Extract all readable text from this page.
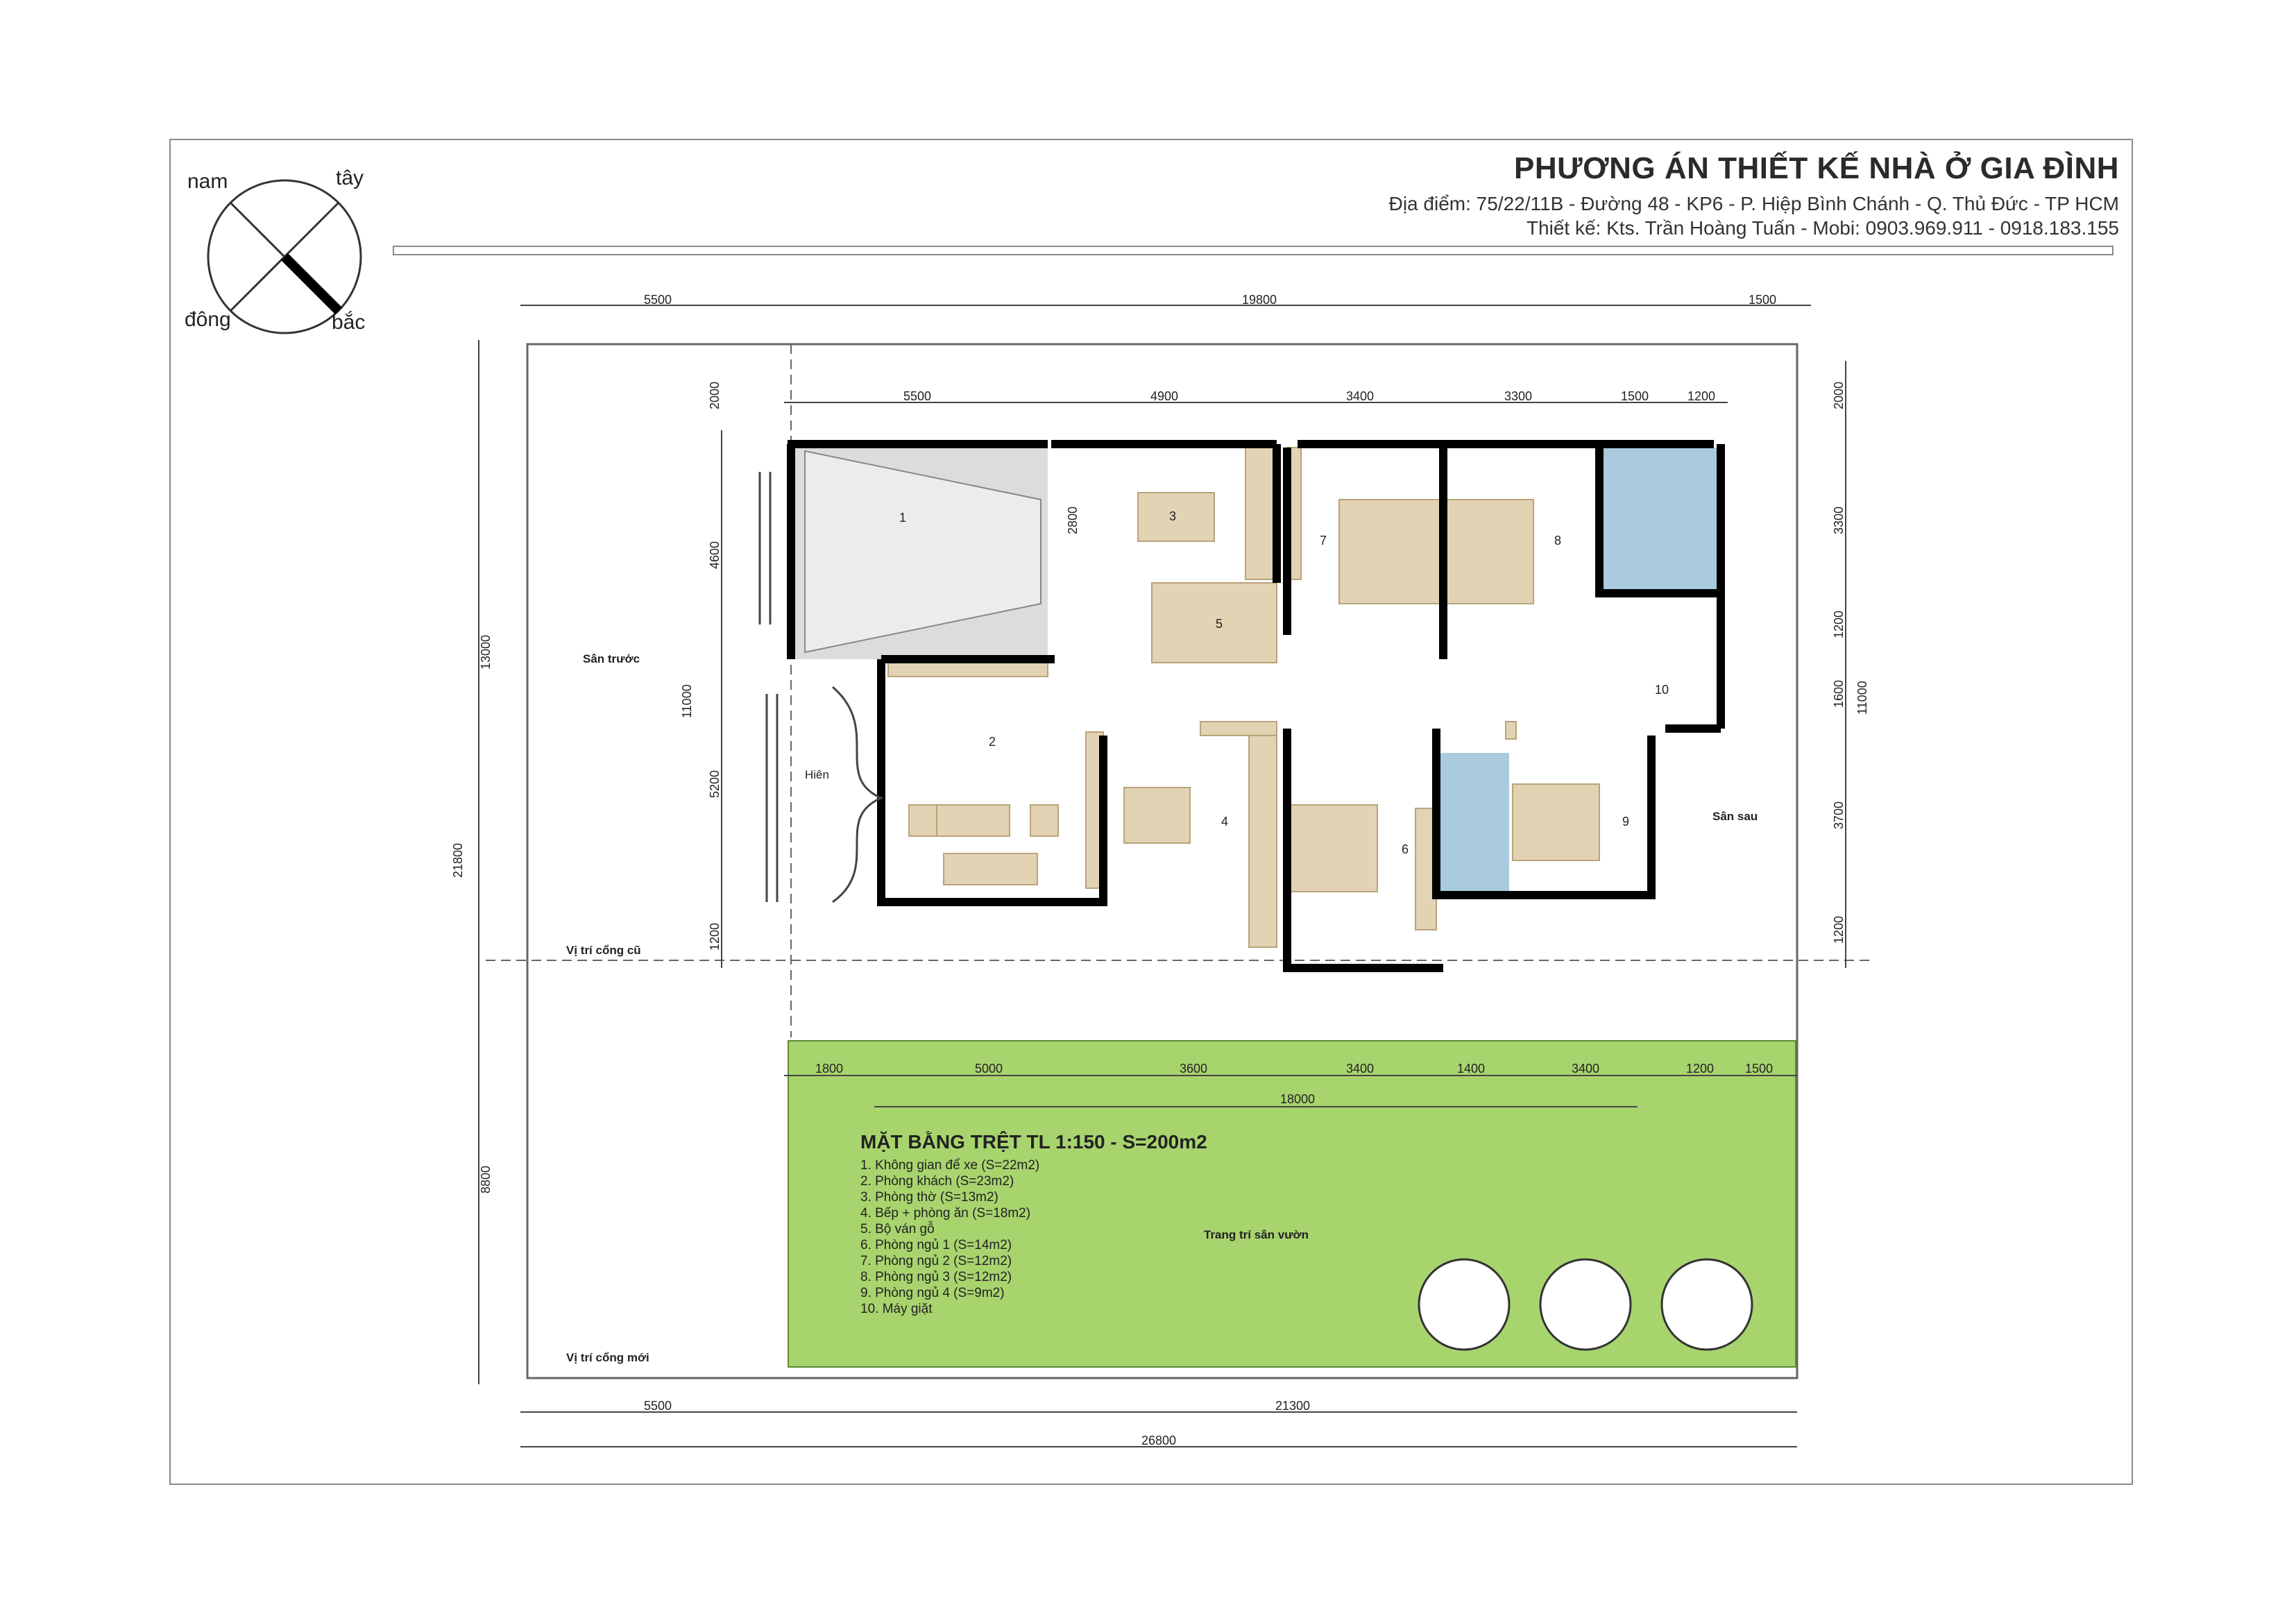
PHƯƠNG ÁN THIẾT KẾ NHÀ Ở GIA ĐÌNH
Địa điểm: 75/22/11B - Đường 48 - KP6 - P. Hiệp Bình Chánh - Q. Thủ Đức - TP HCM
Thiết kế: Kts. Trần Hoàng Tuấn - Mobi: 0903.969.911 - 0918.183.155
nam	tây
đông	bắc
1
2
3
4
5
6
7	8
9
10
Sân trước
Sân sau
Hiên
Vị trí cổng cũ
Vị trí cổng mới
Trang trí sân vườn
5500	19800	1500
5500	4900	3400	3300	1500	1200
13000
21800
8800
2000
4600
11000
5200
1200
2800
2000
3300
1200
1600
3700
1200
11000
1800	5000	3600	3400	1400	3400	1200 1500
18000
5500	21300
26800
MẶT BẰNG TRỆT TL 1:150 - S=200m2
1. Không gian để xe (S=22m2)
2. Phòng khách (S=23m2)
3. Phòng thờ (S=13m2)
4. Bếp + phòng ăn (S=18m2)
5. Bộ ván gỗ
6. Phòng ngủ 1 (S=14m2)
7. Phòng ngủ 2 (S=12m2)
8. Phòng ngủ 3 (S=12m2)
9. Phòng ngủ 4 (S=9m2)
10. Máy giặt
